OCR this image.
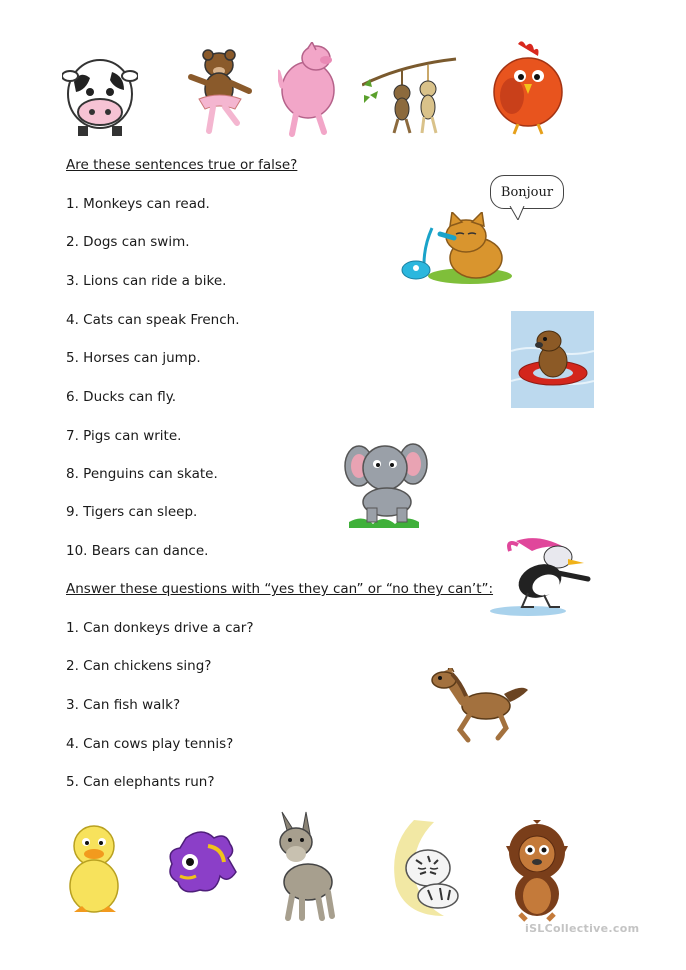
Are these sentences true or false?
1. Monkeys can read.
2. Dogs can swim.
3. Lions can ride a bike.
4. Cats can speak French.
5. Horses can jump.
6. Ducks can fly.
7. Pigs can write.
8. Penguins can skate.
9. Tigers can sleep.
10. Bears can dance.
Bonjour
Answer these questions with “yes they can” or “no they can’t”:
1. Can donkeys drive a car?
2. Can chickens sing?
3. Can fish walk?
4. Can cows play tennis?
5. Can elephants run?
iSLCollective.com
